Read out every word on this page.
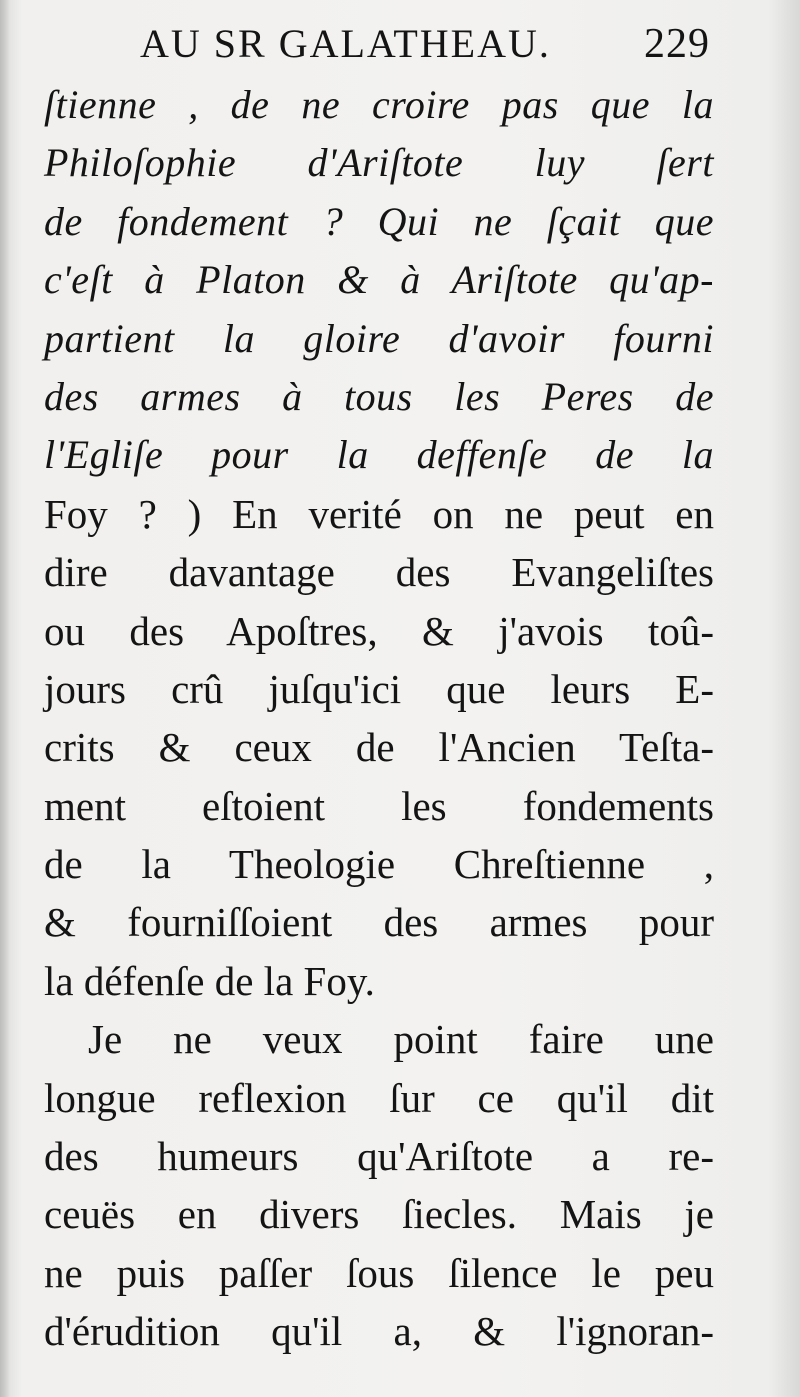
AU SR GALATHEAU. 229
ſtienne , de ne croire pas que la
Philoſophie d'Ariſtote luy ſert
de fondement ? Qui ne ſçait que
c'eſt à Platon & à Ariſtote qu'ap-
partient la gloire d'avoir fourni
des armes à tous les Peres de
l'Egliſe pour la deffenſe de la
Foy ? ) En verité on ne peut en
dire davantage des Evangeliſtes
ou des Apoſtres, & j'avois toû-
jours crû juſqu'ici que leurs E-
crits & ceux de l'Ancien Teſta-
ment eſtoient les fondements
de la Theologie Chreſtienne ,
& fourniſſoient des armes pour
la défenſe de la Foy.
Je ne veux point faire une
longue reflexion ſur ce qu'il dit
des humeurs qu'Ariſtote a re-
ceuës en divers ſiecles. Mais je
ne puis paſſer ſous ſilence le peu
d'érudition qu'il a, & l'ignoran-
